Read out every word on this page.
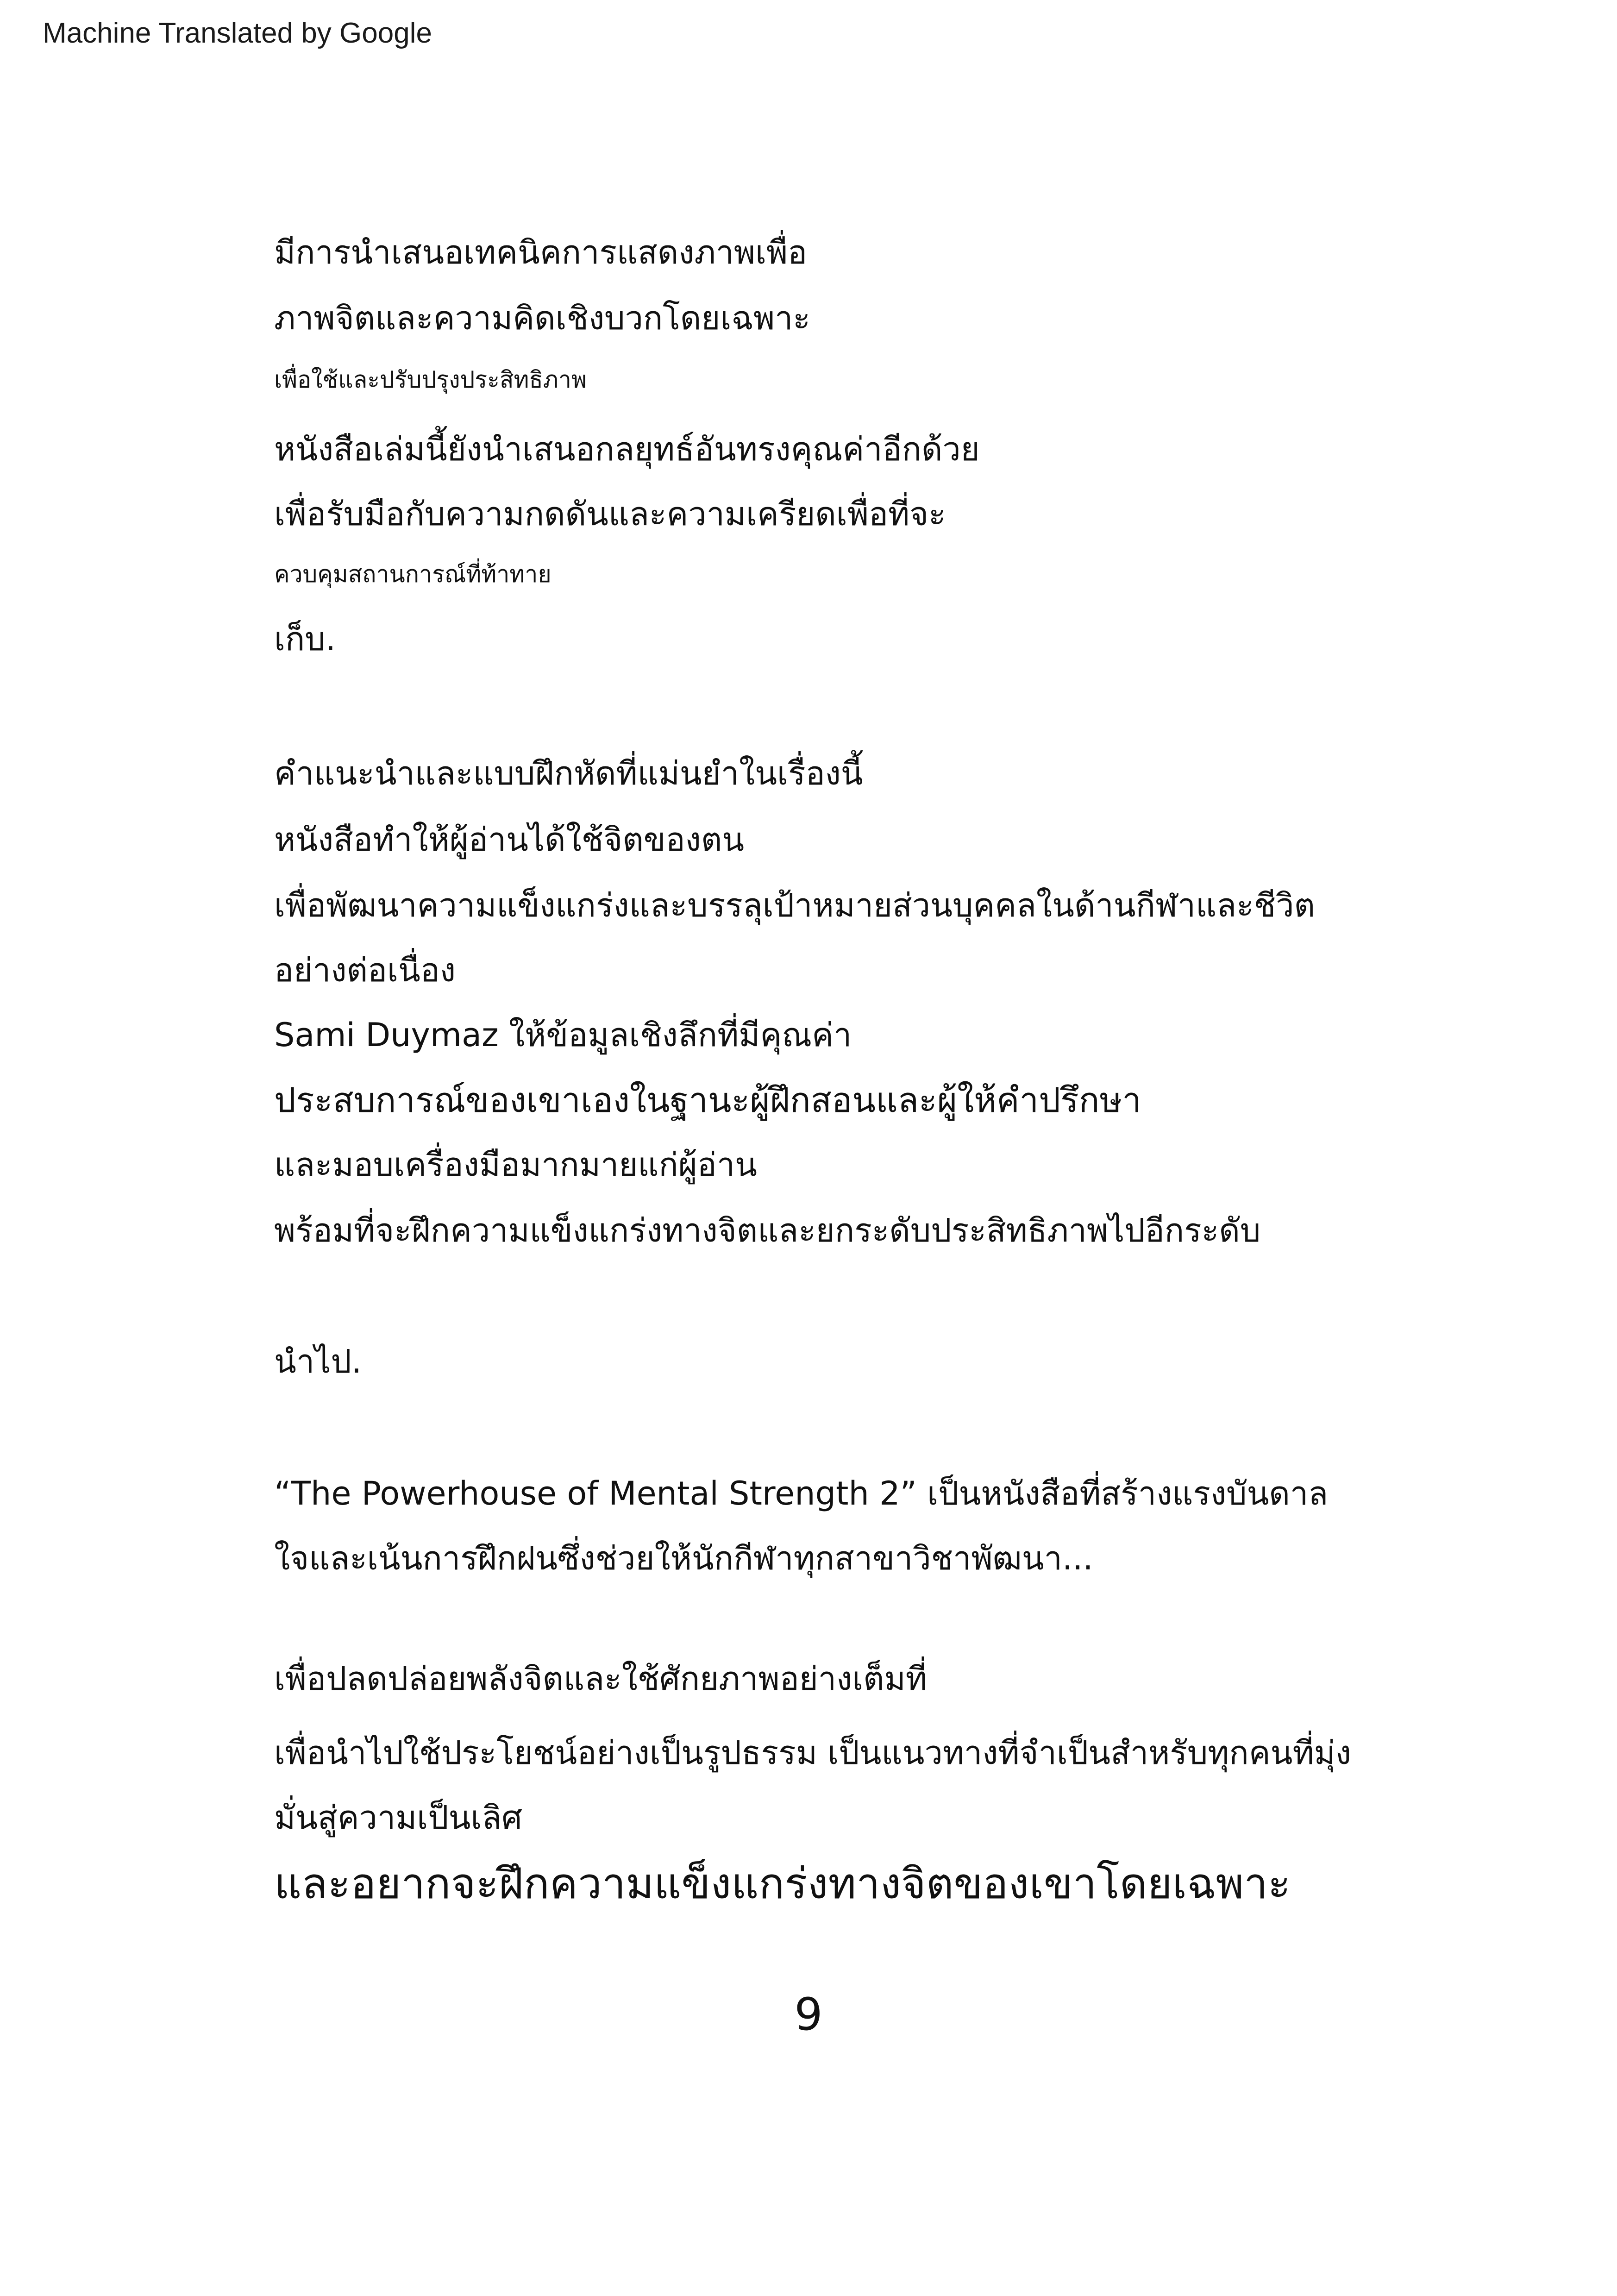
Machine Translated by Google
มีการนำเสนอเทคนิคการแสดงภาพเพื่อ
ภาพจิตและความคิดเชิงบวกโดยเฉพาะ
เพื่อใช้และปรับปรุงประสิทธิภาพ
หนังสือเล่มนี้ยังนำเสนอกลยุทธ์อันทรงคุณค่าอีกด้วย
เพื่อรับมือกับความกดดันและความเครียดเพื่อที่จะ
ควบคุมสถานการณ์ที่ท้าทาย
เก็บ.
คำแนะนำและแบบฝึกหัดที่แม่นยำในเรื่องนี้
หนังสือทำให้ผู้อ่านได้ใช้จิตของตน
เพื่อพัฒนาความแข็งแกร่งและบรรลุเป้าหมายส่วนบุคคลในด้านกีฬาและชีวิต
อย่างต่อเนื่อง
Sami Duymaz ให้ข้อมูลเชิงลึกที่มีคุณค่า
ประสบการณ์ของเขาเองในฐานะผู้ฝึกสอนและผู้ให้คำปรึกษา
และมอบเครื่องมือมากมายแก่ผู้อ่าน
พร้อมที่จะฝึกความแข็งแกร่งทางจิตและยกระดับประสิทธิภาพไปอีกระดับ
นำไป.
“The Powerhouse of Mental Strength 2” เป็นหนังสือที่สร้างแรงบันดาล
ใจและเน้นการฝึกฝนซึ่งช่วยให้นักกีฬาทุกสาขาวิชาพัฒนา...
เพื่อปลดปล่อยพลังจิตและใช้ศักยภาพอย่างเต็มที่
เพื่อนำไปใช้ประโยชน์อย่างเป็นรูปธรรม เป็นแนวทางที่จำเป็นสำหรับทุกคนที่มุ่ง
มั่นสู่ความเป็นเลิศ
และอยากจะฝึกความแข็งแกร่งทางจิตของเขาโดยเฉพาะ
9
